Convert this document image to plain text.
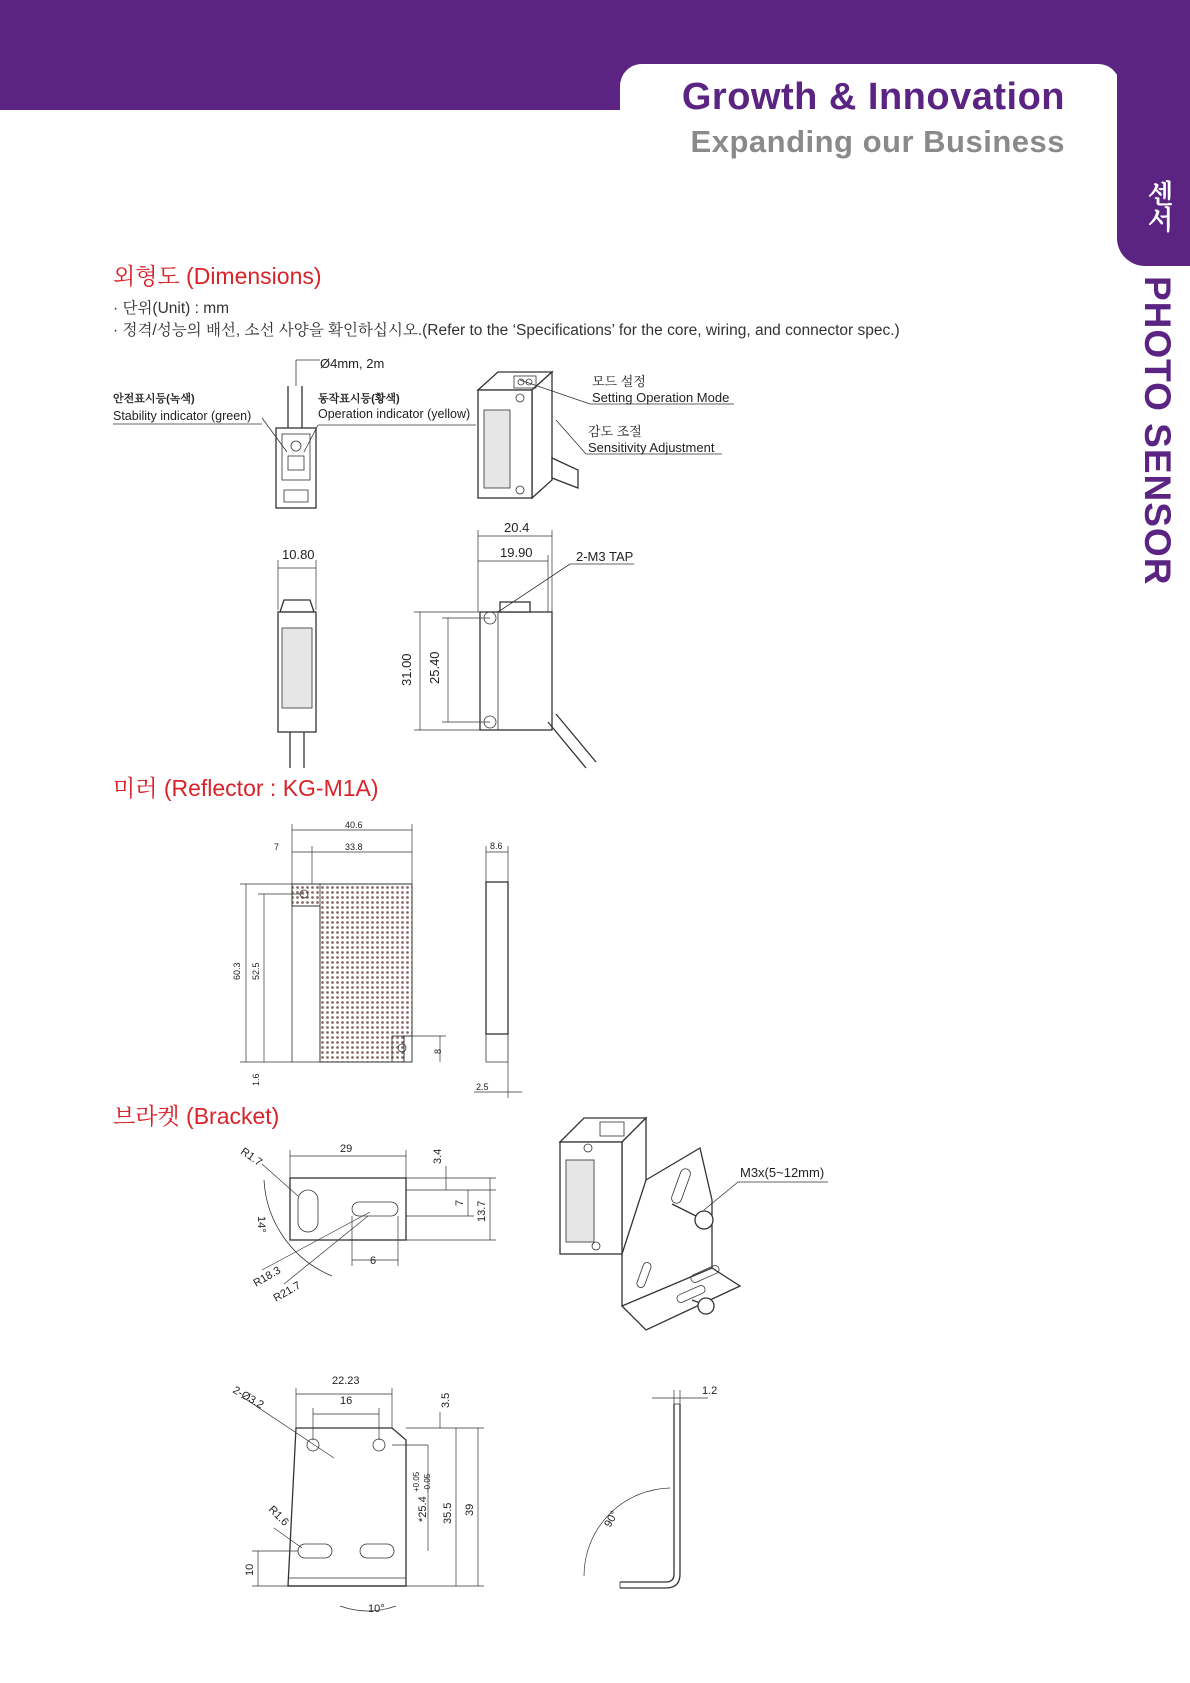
Growth & Innovation
Expanding our Business
센서
PHOTO SENSOR
외형도 (Dimensions)
· 단위(Unit) : mm
· 정격/성능의 배선, 소선 사양을 확인하십시오.(Refer to the ‘Specifications’ for the core, wiring, and connector spec.)
미러 (Reflector : KG-M1A)
브라켓 (Bracket)
Ø4mm, 2m
안전표시등(녹색)
Stability indicator (green)
동작표시등(황색)
Operation indicator (yellow)
모드 설정
Setting Operation Mode
감도 조절
Sensitivity Adjustment
10.80
20.4
19.90	2-M3 TAP
31.00 25.40
40.6
7	33.8
60.3 52.5
8
1.6
8.6
2.5
R1.7	29	3.4
14°
7 13.7
6
R18.3
R21.7
M3x(5~12mm)
22.23
16
2-Ø3.2	3.5
*25.4
+0.05 -0.05
35.5 39
R1.6
10
10°
1.2
90°
